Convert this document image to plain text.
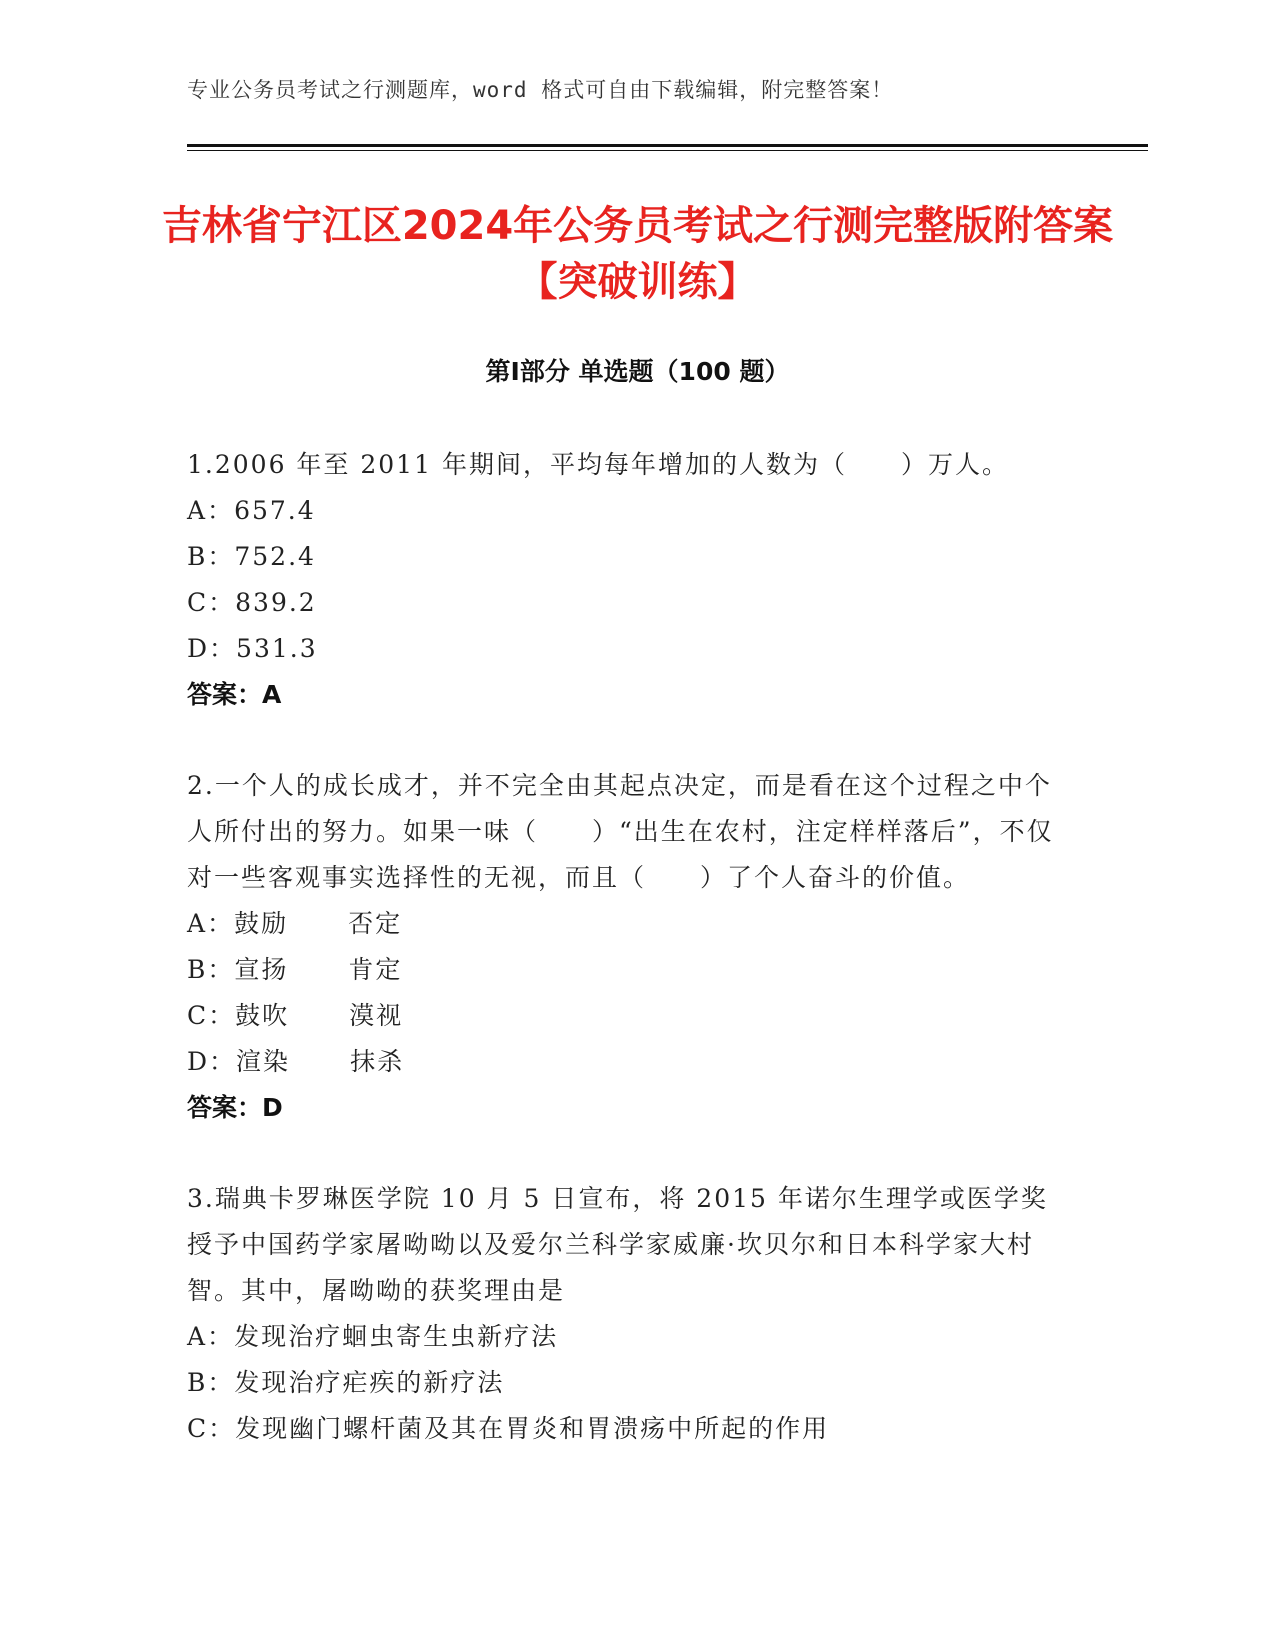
专业公务员考试之行测题库，word 格式可自由下载编辑，附完整答案！
吉林省宁江区2024年公务员考试之行测完整版附答案【突破训练】
第Ⅰ部分 单选题（100 题）

1.2006 年至 2011 年期间，平均每年增加的人数为（　　）万人。

A：657.4

B：752.4

C：839.2

D：531.3

答案：A

2.一个人的成长成才，并不完全由其起点决定，而是看在这个过程之中个人所付出的努力。如果一味（　　）“出生在农村，注定样样落后”，不仅对一些客观事实选择性的无视，而且（　　）了个人奋斗的价值。

A：鼓励 否定

B：宣扬 肯定

C：鼓吹 漠视

D：渲染 抹杀

答案：D

3.瑞典卡罗琳医学院 10 月 5 日宣布，将 2015 年诺尔生理学或医学奖授予中国药学家屠呦呦以及爱尔兰科学家威廉·坎贝尔和日本科学家大村智。其中，屠呦呦的获奖理由是

A：发现治疗蛔虫寄生虫新疗法

B：发现治疗疟疾的新疗法

C：发现幽门螺杆菌及其在胃炎和胃溃疡中所起的作用
